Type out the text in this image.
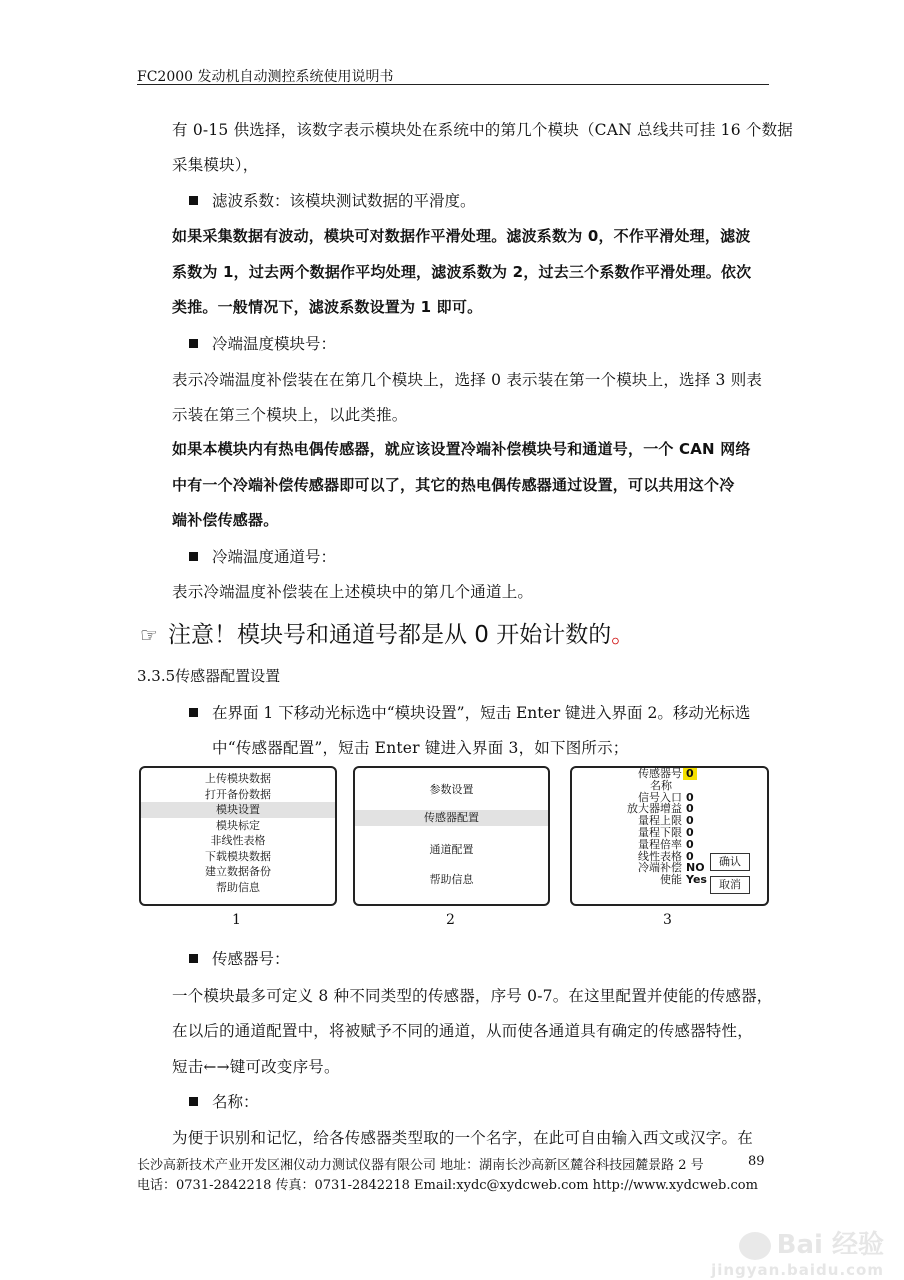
FC2000 发动机自动测控系统使用说明书
有 0-15 供选择，该数字表示模块处在系统中的第几个模块（CAN 总线共可挂 16 个数据
采集模块），
滤波系数：该模块测试数据的平滑度。
如果采集数据有波动，模块可对数据作平滑处理。滤波系数为 0，不作平滑处理，滤波
系数为 1，过去两个数据作平均处理，滤波系数为 2，过去三个系数作平滑处理。依次
类推。一般情况下，滤波系数设置为 1 即可。
冷端温度模块号：
表示冷端温度补偿装在在第几个模块上，选择 0 表示装在第一个模块上，选择 3 则表
示装在第三个模块上，以此类推。
如果本模块内有热电偶传感器，就应该设置冷端补偿模块号和通道号，一个 CAN 网络
中有一个冷端补偿传感器即可以了，其它的热电偶传感器通过设置，可以共用这个冷
端补偿传感器。
冷端温度通道号：
表示冷端温度补偿装在上述模块中的第几个通道上。
☞ 注意！模块号和通道号都是从 0 开始计数的。
3.3.5传感器配置设置
在界面 1 下移动光标选中“模块设置”，短击 Enter 键进入界面 2。移动光标选
中“传感器配置”，短击 Enter 键进入界面 3，如下图所示；
上传模块数据
打开备份数据
模块设置
模块标定
非线性表格
下载模块数据
建立数据备份
帮助信息
参数设置
传感器配置
通道配置
帮助信息
传感器号 0
名称
信号入口 0
放大器增益 0
量程上限 0
量程下限 0
量程倍率 0
线性表格 0
冷端补偿 NO
使能 Yes
确认
取消
1	2	3
传感器号：
一个模块最多可定义 8 种不同类型的传感器，序号 0-7。在这里配置并使能的传感器，
在以后的通道配置中，将被赋予不同的通道，从而使各通道具有确定的传感器特性，
短击←→键可改变序号。
名称：
为便于识别和记忆，给各传感器类型取的一个名字，在此可自由输入西文或汉字。在
长沙高新技术产业开发区湘仪动力测试仪器有限公司 地址：湖南长沙高新区麓谷科技园麓景路 2 号	89
电话：0731-2842218 传真：0731-2842218 Email:xydc@xydcweb.com http://www.xydcweb.com
Bai 经验
jingyan.baidu.com
